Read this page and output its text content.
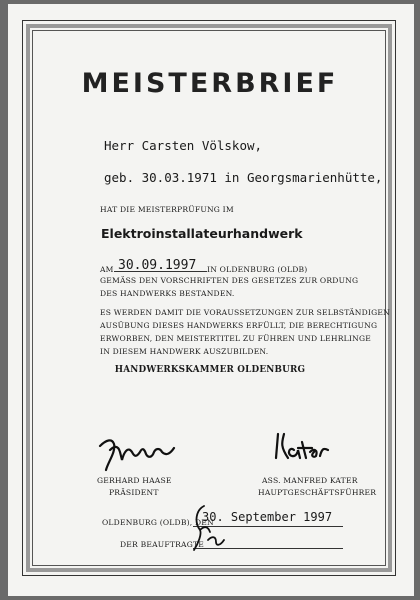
MEISTERBRIEF
Herr Carsten Völskow,
geb. 30.03.1971 in Georgsmarienhütte,
HAT DIE MEISTERPRÜFUNG IM
Elektroinstallateurhandwerk
AM 30.09.1997 IN OLDENBURG (OLDB)
GEMÄSS DEN VORSCHRIFTEN DES GESETZES ZUR ORDUNG
DES HANDWERKS BESTANDEN.
ES WERDEN DAMIT DIE VORAUSSETZUNGEN ZUR SELBSTÄNDIGEN
AUSÜBUNG DIESES HANDWERKS ERFÜLLT, DIE BERECHTIGUNG
ERWORBEN, DEN MEISTERTITEL ZU FÜHREN UND LEHRLINGE
IN DIESEM HANDWERK AUSZUBILDEN.
HANDWERKSKAMMER OLDENBURG
GERHARD HAASE
PRÄSIDENT
ASS. MANFRED KATER
HAUPTGESCHÄFTSFÜHRER
OLDENBURG (OLDB), DEN
30. September 1997
DER BEAUFTRAGTE
